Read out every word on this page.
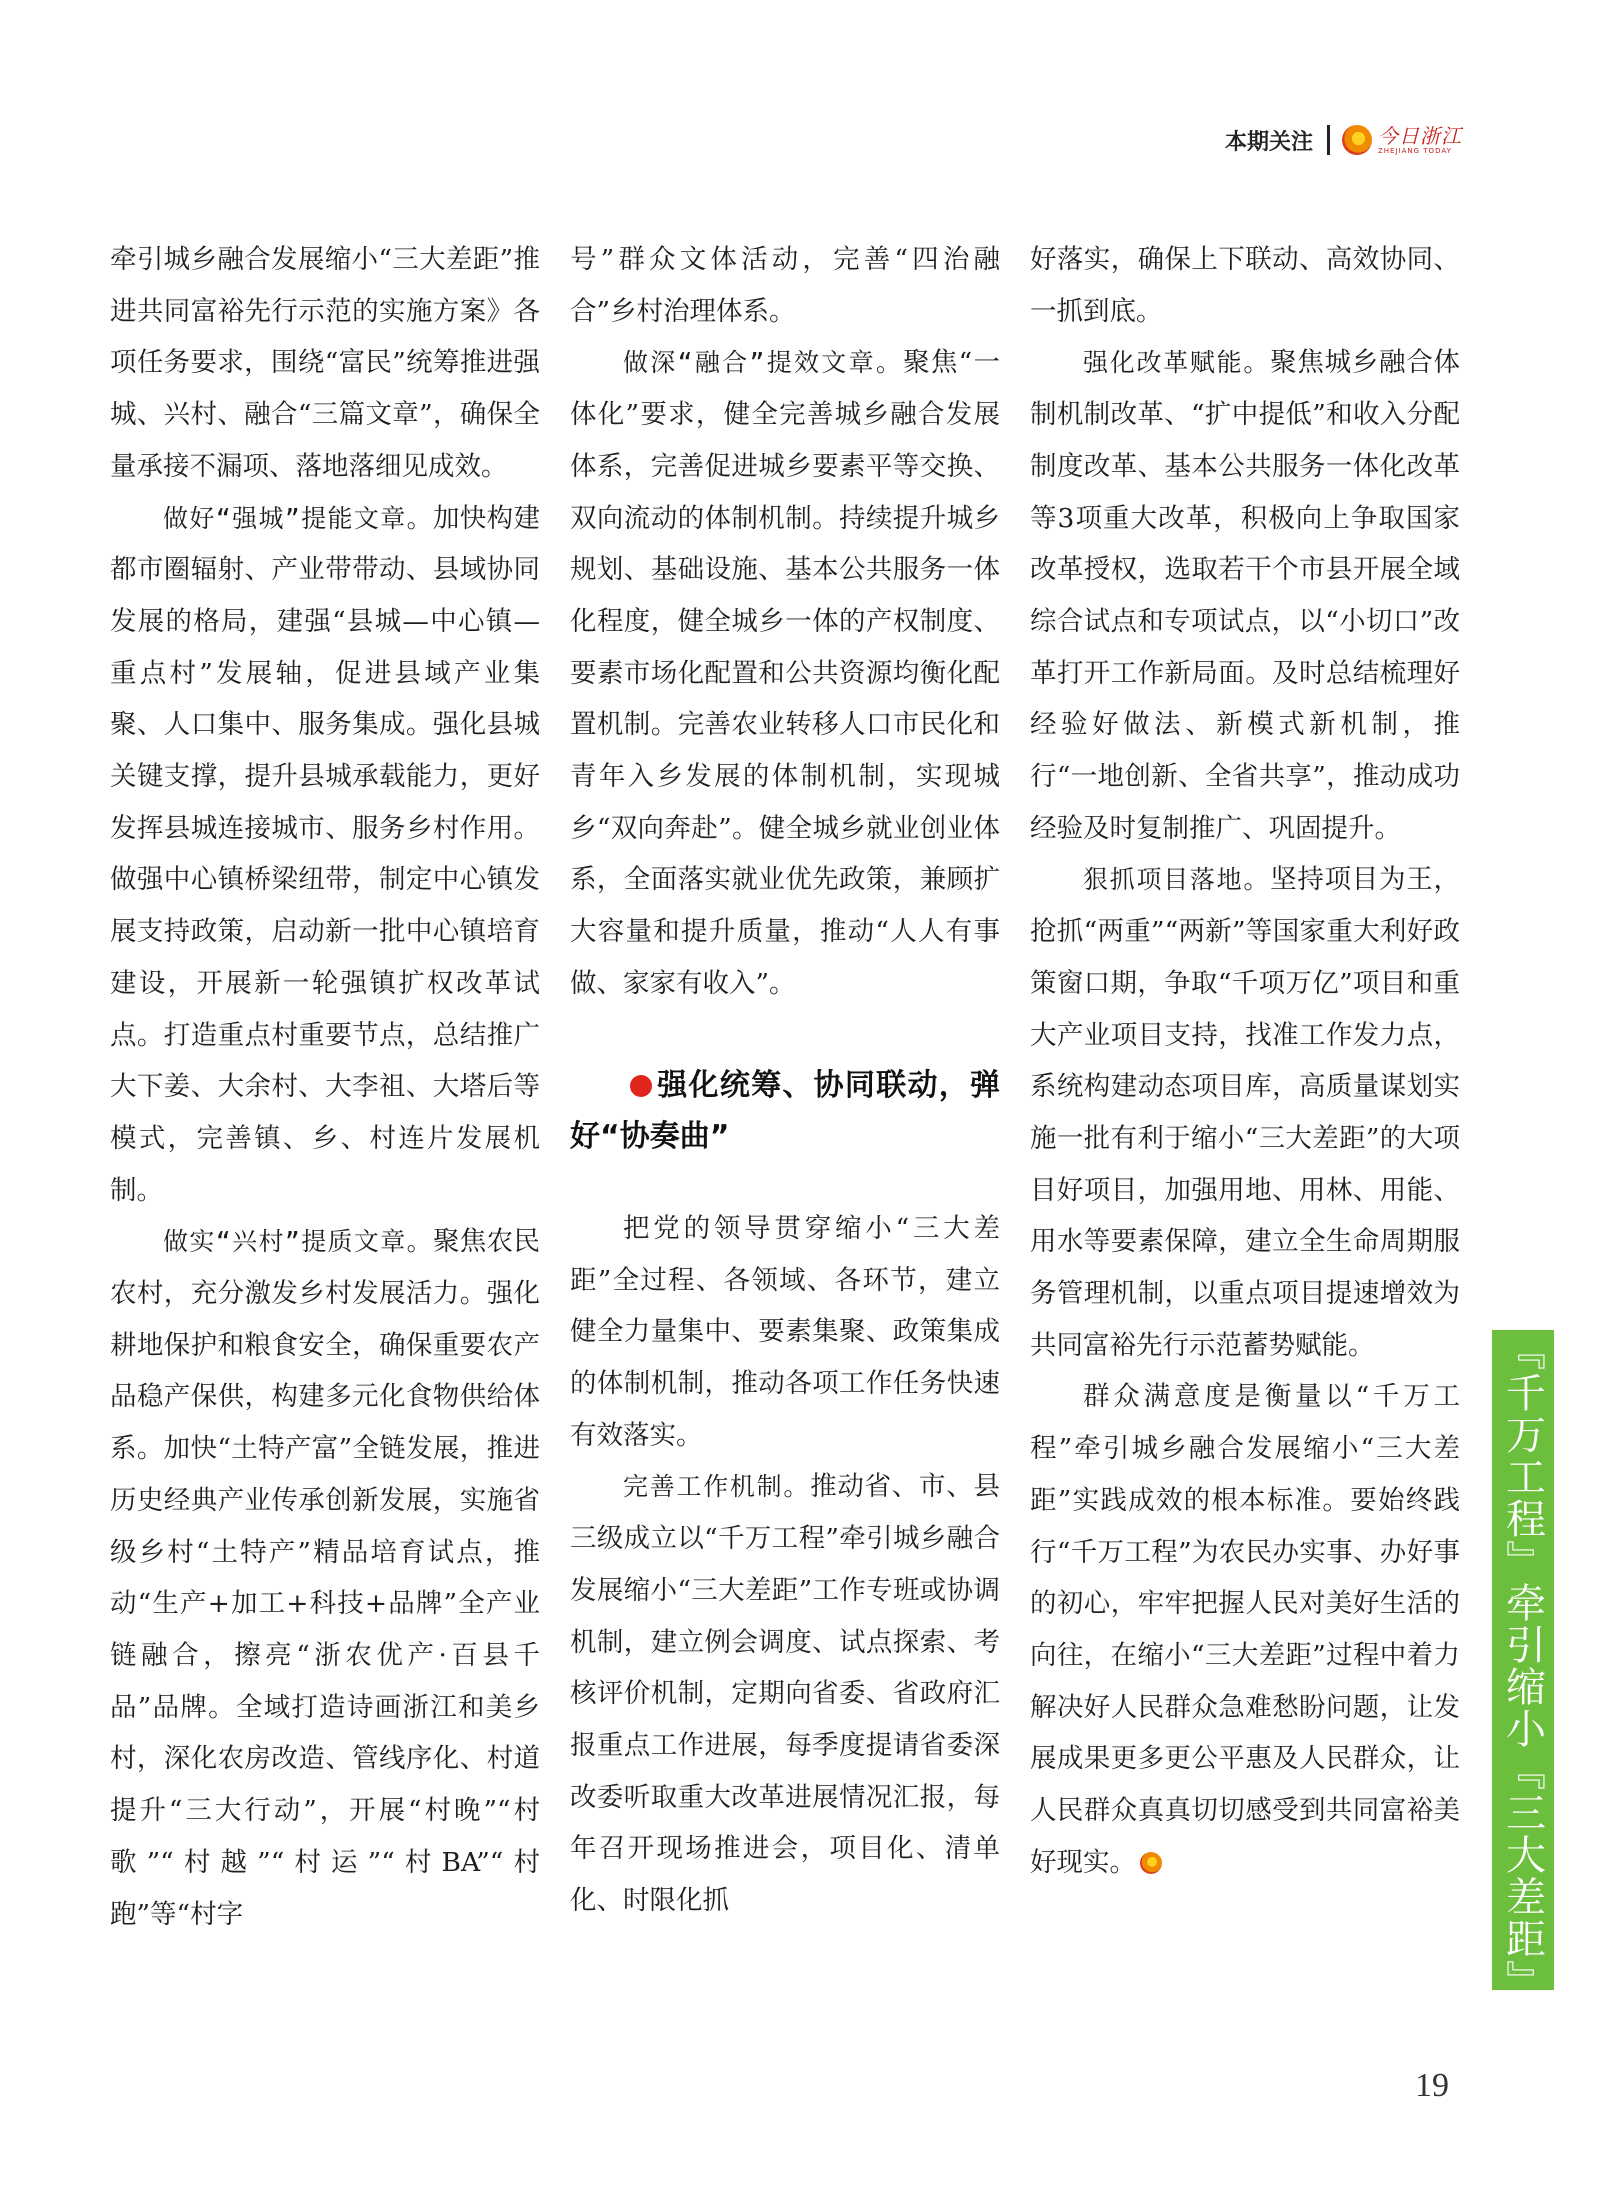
本期关注	今日浙江
ZHEJIANG TODAY

牵引城乡融合发展缩小“三大差距”推进共同富裕先行示范的实施方案》各项任务要求，围绕“富民”统筹推进强城、兴村、融合“三篇文章”，确保全量承接不漏项、落地落细见成效。

做好“强城”提能文章。加快构建都市圈辐射、产业带带动、县域协同发展的格局，建强“县城—中心镇—重点村”发展轴，促进县域产业集聚、人口集中、服务集成。强化县城关键支撑，提升县城承载能力，更好发挥县城连接城市、服务乡村作用。做强中心镇桥梁纽带，制定中心镇发展支持政策，启动新一批中心镇培育建设，开展新一轮强镇扩权改革试点。打造重点村重要节点，总结推广大下姜、大余村、大李祖、大塔后等模式，完善镇、乡、村连片发展机制。

做实“兴村”提质文章。聚焦农民农村，充分激发乡村发展活力。强化耕地保护和粮食安全，确保重要农产品稳产保供，构建多元化食物供给体系。加快“土特产富”全链发展，推进历史经典产业传承创新发展，实施省级乡村“土特产”精品培育试点，推动“生产+加工+科技+品牌”全产业链融合，擦亮“浙农优产·百县千品”品牌。全域打造诗画浙江和美乡村，深化农房改造、管线序化、村道提升“三大行动”，开展“村晚”“村歌”“村越”“村运”“村BA”“村跑”等“村字

号”群众文体活动，完善“四治融合”乡村治理体系。

做深“融合”提效文章。聚焦“一体化”要求，健全完善城乡融合发展体系，完善促进城乡要素平等交换、双向流动的体制机制。持续提升城乡规划、基础设施、基本公共服务一体化程度，健全城乡一体的产权制度、要素市场化配置和公共资源均衡化配置机制。完善农业转移人口市民化和青年入乡发展的体制机制，实现城乡“双向奔赴”。健全城乡就业创业体系，全面落实就业优先政策，兼顾扩大容量和提升质量，推动“人人有事做、家家有收入”。

强化统筹、协同联动，弹好“协奏曲”

把党的领导贯穿缩小“三大差距”全过程、各领域、各环节，建立健全力量集中、要素集聚、政策集成的体制机制，推动各项工作任务快速有效落实。

完善工作机制。推动省、市、县三级成立以“千万工程”牵引城乡融合发展缩小“三大差距”工作专班或协调机制，建立例会调度、试点探索、考核评价机制，定期向省委、省政府汇报重点工作进展，每季度提请省委深改委听取重大改革进展情况汇报，每年召开现场推进会，项目化、清单化、时限化抓

好落实，确保上下联动、高效协同、一抓到底。

强化改革赋能。聚焦城乡融合体制机制改革、“扩中提低”和收入分配制度改革、基本公共服务一体化改革等3项重大改革，积极向上争取国家改革授权，选取若干个市县开展全域综合试点和专项试点，以“小切口”改革打开工作新局面。及时总结梳理好经验好做法、新模式新机制，推行“一地创新、全省共享”，推动成功经验及时复制推广、巩固提升。

狠抓项目落地。坚持项目为王，抢抓“两重”“两新”等国家重大利好政策窗口期，争取“千项万亿”项目和重大产业项目支持，找准工作发力点，系统构建动态项目库，高质量谋划实施一批有利于缩小“三大差距”的大项目好项目，加强用地、用林、用能、用水等要素保障，建立全生命周期服务管理机制，以重点项目提速增效为共同富裕先行示范蓄势赋能。

群众满意度是衡量以“千万工程”牵引城乡融合发展缩小“三大差距”实践成效的根本标准。要始终践行“千万工程”为农民办实事、办好事的初心，牢牢把握人民对美好生活的向往，在缩小“三大差距”过程中着力解决好人民群众急难愁盼问题，让发展成果更多更公平惠及人民群众，让人民群众真真切切感受到共同富裕美好现实。	『千万工程』牵引缩小『三大差距』
19
